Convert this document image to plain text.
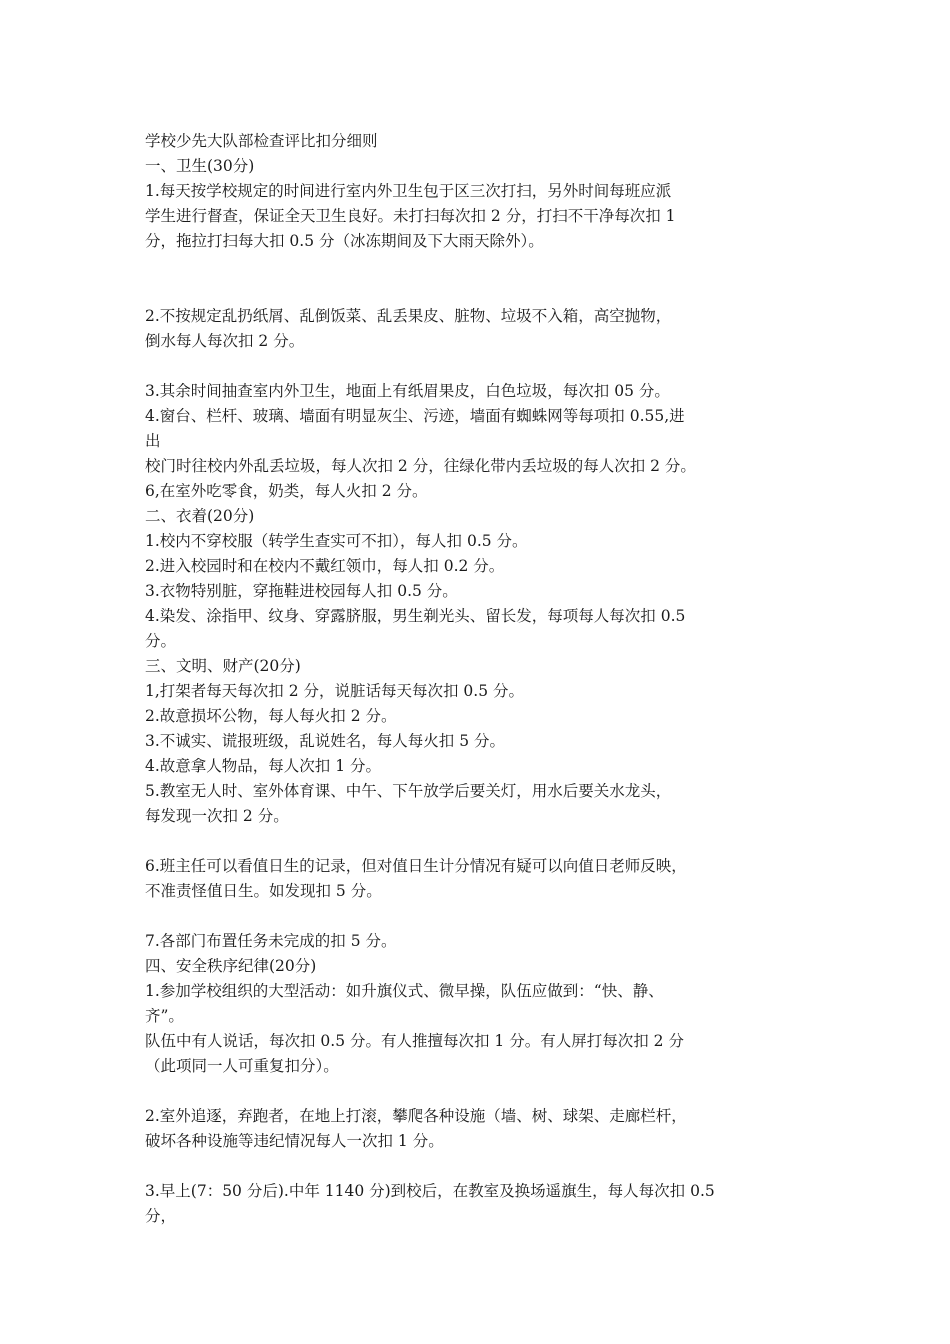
学校少先大队部检查评比扣分细则
一、卫生(30分)
1.每天按学校规定的时间进行室内外卫生包于区三次打扫，另外时间每班应派
学生进行督查，保证全天卫生良好。未打扫每次扣 2 分，打扫不干净每次扣 1
分，拖拉打扫每大扣 0.5 分（冰冻期间及下大雨天除外）。
2.不按规定乱扔纸屑、乱倒饭菜、乱丢果皮、脏物、垃圾不入箱，高空抛物，
倒水每人每次扣 2 分。
3.其余时间抽查室内外卫生，地面上有纸眉果皮，白色垃圾，每次扣 05 分。
4.窗台、栏杆、玻璃、墙面有明显灰尘、污迹，墙面有蜘蛛网等每项扣 0.55,进
出
校门时往校内外乱丢垃圾，每人次扣 2 分，往绿化带内丢垃圾的每人次扣 2 分。
6,在室外吃零食，奶类，每人火扣 2 分。
二、衣着(20分)
1.校内不穿校服（转学生查实可不扣），每人扣 0.5 分。
2.进入校园时和在校内不戴红领巾，每人扣 0.2 分。
3.衣物特别脏，穿拖鞋进校园每人扣 0.5 分。
4.染发、涂指甲、纹身、穿露脐服，男生剃光头、留长发，每项每人每次扣 0.5
分。
三、文明、财产(20分)
1,打架者每天每次扣 2 分，说脏话每天每次扣 0.5 分。
2.故意损坏公物，每人每火扣 2 分。
3.不诚实、谎报班级，乱说姓名，每人每火扣 5 分。
4.故意拿人物品，每人次扣 1 分。
5.教室无人时、室外体育课、中午、下午放学后要关灯，用水后要关水龙头，
每发现一次扣 2 分。
6.班主任可以看值日生的记录，但对值日生计分情况有疑可以向值日老师反映，
不准责怪值日生。如发现扣 5 分。
7.各部门布置任务未完成的扣 5 分。
四、安全秩序纪律(20分)
1.参加学校组织的大型活动：如升旗仪式、微早操，队伍应做到：“快、静、
齐”。
队伍中有人说话，每次扣 0.5 分。有人推擅每次扣 1 分。有人屏打每次扣 2 分
（此项同一人可重复扣分）。
2.室外追逐，弃跑者，在地上打滚，攀爬各种设施（墙、树、球架、走廊栏杆，
破坏各种设施等违纪情况每人一次扣 1 分。
3.早上(7：50 分后).中年 1140 分)到校后，在教室及换场遥旗生，每人每次扣 0.5
分，
